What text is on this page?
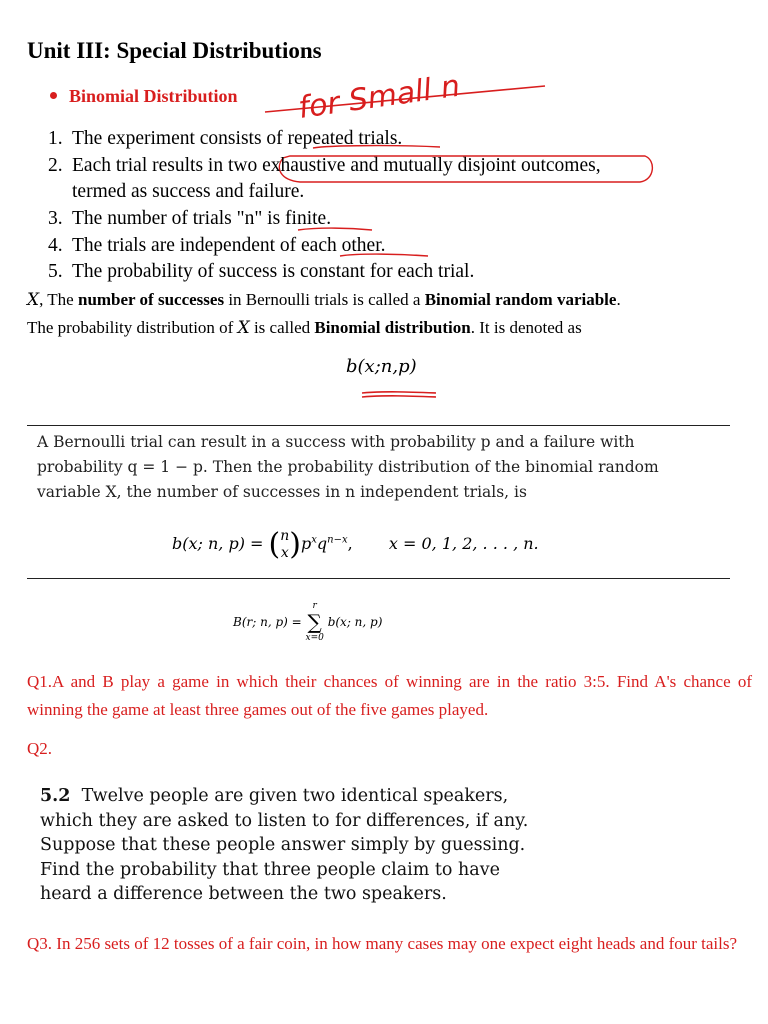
Unit III: Special Distributions
Binomial Distribution for Small n
1. The experiment consists of repeated trials.
2. Each trial results in two exhaustive and mutually disjoint outcomes,
termed as success and failure.
3. The number of trials "n" is finite.
4. The trials are independent of each other.
5. The probability of success is constant for each trial.
X, The number of successes in Bernoulli trials is called a Binomial random variable.
The probability distribution of X is called Binomial distribution. It is denoted as
b(x;n,p)
A Bernoulli trial can result in a success with probability p and a failure with
probability q = 1 − p. Then the probability distribution of the binomial random
variable X, the number of successes in n independent trials, is
b(x; n, p) = ( n
x )$p^xq^{n-x}$, x = 0, 1, 2, . . . , n.
B(r; n, p) =
r
∑
x=0
b(x; n, p)
Q1.A and B play a game in which their chances of winning are in the ratio 3:5. Find A's chance of winning the game at least three games out of the five games played.
Q2.
5.2 Twelve people are given two identical speakers,
which they are asked to listen to for differences, if any.
Suppose that these people answer simply by guessing.
Find the probability that three people claim to have
heard a difference between the two speakers.
Q3. In 256 sets of 12 tosses of a fair coin, in how many cases may one expect eight heads and four tails?
